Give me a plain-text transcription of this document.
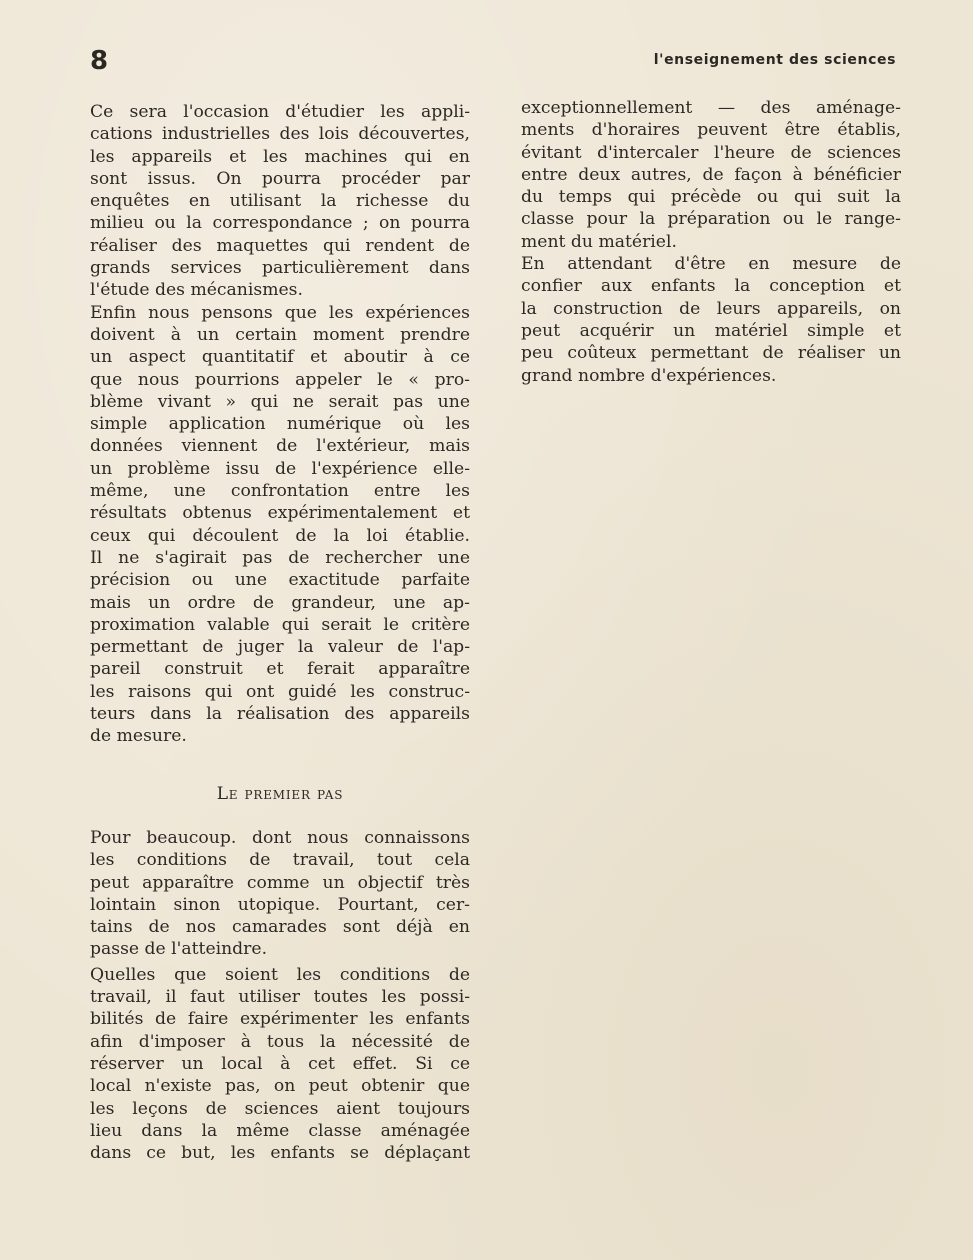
8	l'enseignement des sciences
Ce sera l'occasion d'étudier les appli-
cations industrielles des lois découvertes,
les appareils et les machines qui en
sont issus. On pourra procéder par
enquêtes en utilisant la richesse du
milieu ou la correspondance ; on pourra
réaliser des maquettes qui rendent de
grands services particulièrement dans
l'étude des mécanismes.
Enfin nous pensons que les expériences
doivent à un certain moment prendre
un aspect quantitatif et aboutir à ce
que nous pourrions appeler le « pro-
blème vivant » qui ne serait pas une
simple application numérique où les
données viennent de l'extérieur, mais
un problème issu de l'expérience elle-
même, une confrontation entre les
résultats obtenus expérimentalement et
ceux qui découlent de la loi établie.
Il ne s'agirait pas de rechercher une
précision ou une exactitude parfaite
mais un ordre de grandeur, une ap-
proximation valable qui serait le critère
permettant de juger la valeur de l'ap-
pareil construit et ferait apparaître
les raisons qui ont guidé les construc-
teurs dans la réalisation des appareils
de mesure.
Le premier pas
Pour beaucoup. dont nous connaissons
les conditions de travail, tout cela
peut apparaître comme un objectif très
lointain sinon utopique. Pourtant, cer-
tains de nos camarades sont déjà en
passe de l'atteindre.
Quelles que soient les conditions de
travail, il faut utiliser toutes les possi-
bilités de faire expérimenter les enfants
afin d'imposer à tous la nécessité de
réserver un local à cet effet. Si ce
local n'existe pas, on peut obtenir que
les leçons de sciences aient toujours
lieu dans la même classe aménagée
dans ce but, les enfants se déplaçant
exceptionnellement — des aménage-
ments d'horaires peuvent être établis,
évitant d'intercaler l'heure de sciences
entre deux autres, de façon à bénéficier
du temps qui précède ou qui suit la
classe pour la préparation ou le range-
ment du matériel.
En attendant d'être en mesure de
confier aux enfants la conception et
la construction de leurs appareils, on
peut acquérir un matériel simple et
peu coûteux permettant de réaliser un
grand nombre d'expériences.
